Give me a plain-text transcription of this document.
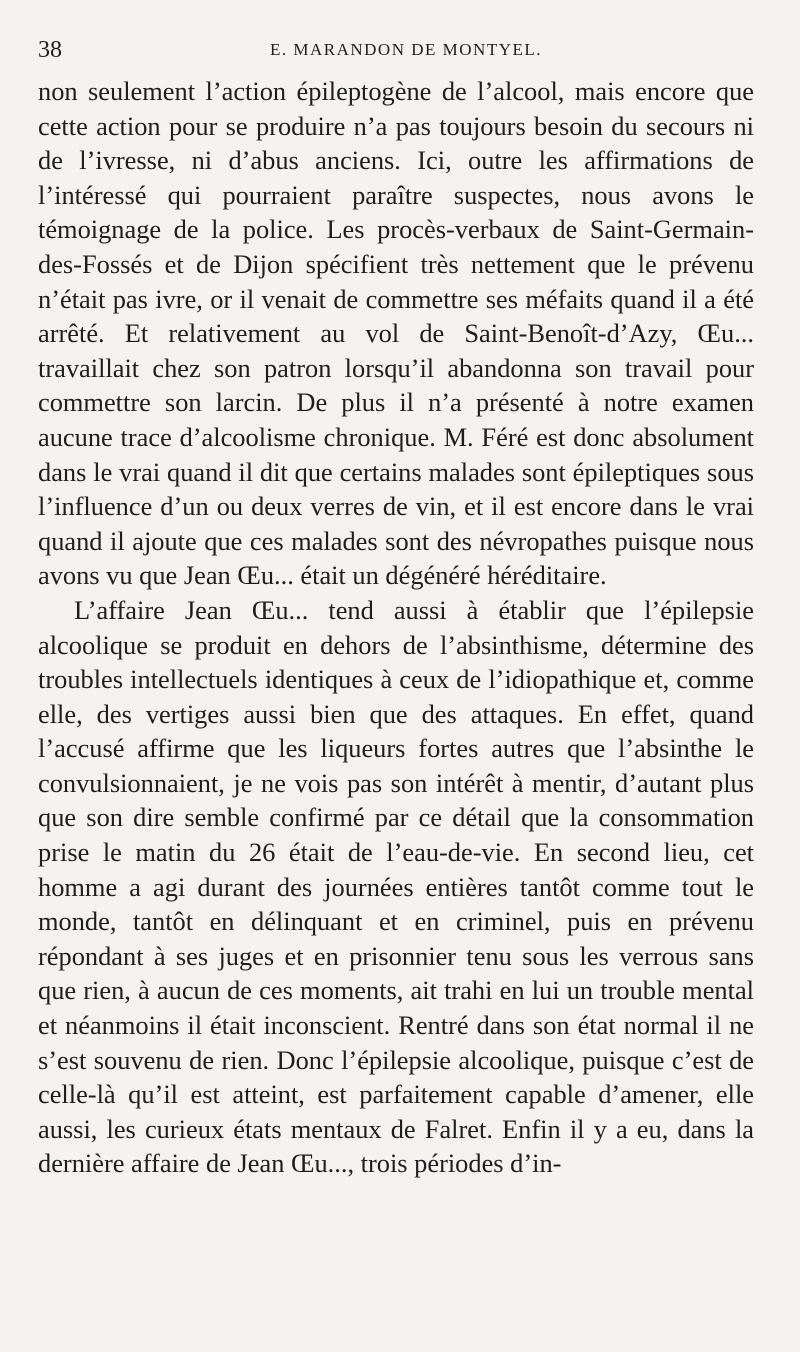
38	E. MARANDON DE MONTYEL.

non seulement l’action épileptogène de l’alcool, mais encore que cette action pour se produire n’a pas toujours besoin du secours ni de l’ivresse, ni d’abus anciens. Ici, outre les affirmations de l’intéressé qui pourraient paraître suspectes, nous avons le témoignage de la police. Les procès-verbaux de Saint-Germain-des-Fossés et de Dijon spécifient très nettement que le prévenu n’était pas ivre, or il venait de commettre ses méfaits quand il a été arrêté. Et relativement au vol de Saint-Benoît-d’Azy, Œu... travaillait chez son patron lorsqu’il abandonna son travail pour commettre son larcin. De plus il n’a présenté à notre examen aucune trace d’alcoolisme chronique. M. Féré est donc absolument dans le vrai quand il dit que certains malades sont épileptiques sous l’influence d’un ou deux verres de vin, et il est encore dans le vrai quand il ajoute que ces malades sont des névropathes puisque nous avons vu que Jean Œu... était un dégénéré héréditaire.

L’affaire Jean Œu... tend aussi à établir que l’épilepsie alcoolique se produit en dehors de l’absinthisme, détermine des troubles intellectuels identiques à ceux de l’idiopathique et, comme elle, des vertiges aussi bien que des attaques. En effet, quand l’accusé affirme que les liqueurs fortes autres que l’absinthe le convulsionnaient, je ne vois pas son intérêt à mentir, d’autant plus que son dire semble confirmé par ce détail que la consommation prise le matin du 26 était de l’eau-de-vie. En second lieu, cet homme a agi durant des journées entières tantôt comme tout le monde, tantôt en délinquant et en criminel, puis en prévenu répondant à ses juges et en prisonnier tenu sous les verrous sans que rien, à aucun de ces moments, ait trahi en lui un trouble mental et néanmoins il était inconscient. Rentré dans son état normal il ne s’est souvenu de rien. Donc l’épilepsie alcoolique, puisque c’est de celle-là qu’il est atteint, est parfaitement capable d’amener, elle aussi, les curieux états mentaux de Falret. Enfin il y a eu, dans la dernière affaire de Jean Œu..., trois périodes d’in-
